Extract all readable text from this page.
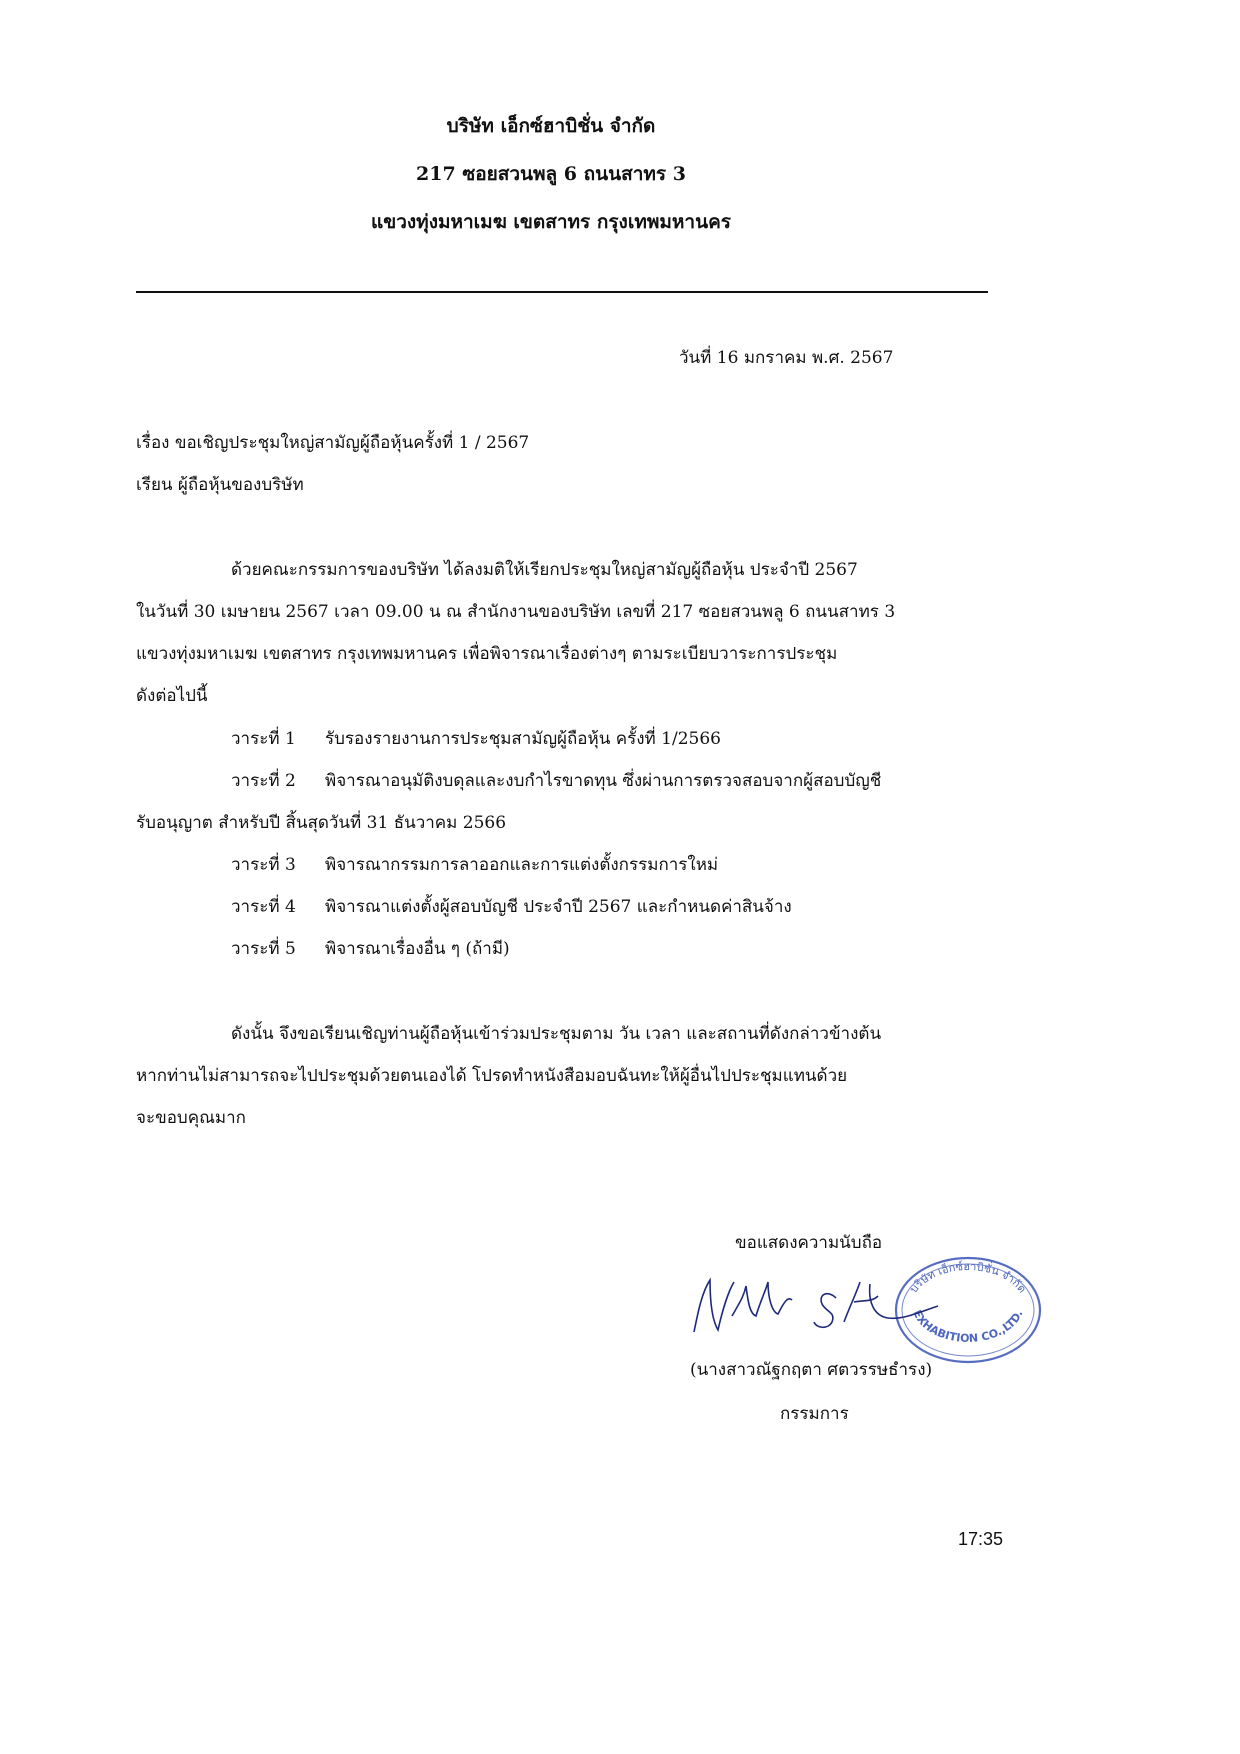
บริษัท เอ็กซ์ฮาบิชั่น จำกัด
217 ซอยสวนพลู 6 ถนนสาทร 3
แขวงทุ่งมหาเมฆ เขตสาทร กรุงเทพมหานคร
วันที่ 16 มกราคม พ.ศ. 2567
เรื่อง ขอเชิญประชุมใหญ่สามัญผู้ถือหุ้นครั้งที่ 1 / 2567
เรียน ผู้ถือหุ้นของบริษัท
ด้วยคณะกรรมการของบริษัท ได้ลงมติให้เรียกประชุมใหญ่สามัญผู้ถือหุ้น ประจำปี 2567
ในวันที่ 30 เมษายน 2567 เวลา 09.00 น ณ สำนักงานของบริษัท เลขที่ 217 ซอยสวนพลู 6 ถนนสาทร 3
แขวงทุ่งมหาเมฆ เขตสาทร กรุงเทพมหานคร เพื่อพิจารณาเรื่องต่างๆ ตามระเบียบวาระการประชุม
ดังต่อไปนี้
วาระที่ 1 รับรองรายงานการประชุมสามัญผู้ถือหุ้น ครั้งที่ 1/2566
วาระที่ 2 พิจารณาอนุมัติงบดุลและงบกำไรขาดทุน ซึ่งผ่านการตรวจสอบจากผู้สอบบัญชี
รับอนุญาต สำหรับปี สิ้นสุดวันที่ 31 ธันวาคม 2566
วาระที่ 3 พิจารณากรรมการลาออกและการแต่งตั้งกรรมการใหม่
วาระที่ 4 พิจารณาแต่งตั้งผู้สอบบัญชี ประจำปี 2567 และกำหนดค่าสินจ้าง
วาระที่ 5 พิจารณาเรื่องอื่น ๆ (ถ้ามี)
ดังนั้น จึงขอเรียนเชิญท่านผู้ถือหุ้นเข้าร่วมประชุมตาม วัน เวลา และสถานที่ดังกล่าวข้างต้น
หากท่านไม่สามารถจะไปประชุมด้วยตนเองได้ โปรดทำหนังสือมอบฉันทะให้ผู้อื่นไปประชุมแทนด้วย
จะขอบคุณมาก
ขอแสดงความนับถือ
บริษัท เอ็กซ์ฮาบิชั่น จำกัด
EXHABITION CO.,LTD.
(นางสาวณัฐกฤตา ศตวรรษธำรง)
กรรมการ
17:35
